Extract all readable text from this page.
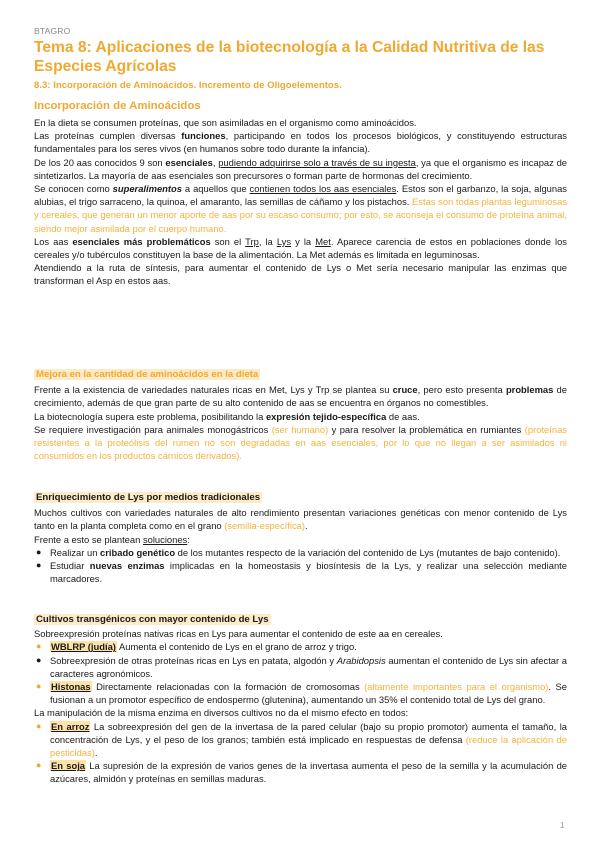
BTAGRO
Tema 8: Aplicaciones de la biotecnología a la Calidad Nutritiva de las Especies Agrícolas
8.3: Incorporación de Aminoácidos. Incremento de Oligoelementos.
Incorporación de Aminoácidos

En la dieta se consumen proteínas, que son asimiladas en el organismo como aminoácidos.

Las proteínas cumplen diversas funciones, participando en todos los procesos biológicos, y constituyendo estructuras fundamentales para los seres vivos (en humanos sobre todo durante la infancia).

De los 20 aas conocidos 9 son esenciales, pudiendo adquirirse solo a través de su ingesta, ya que el organismo es incapaz de sintetizarlos. La mayoría de aas esenciales son precursores o forman parte de hormonas del crecimiento.

Se conocen como superalimentos a aquellos que contienen todos los aas esenciales. Estos son el garbanzo, la soja, algunas alubias, el trigo sarraceno, la quinoa, el amaranto, las semillas de cáñamo y los pistachos. Estas son todas plantas leguminosas y cereales, que generan un menor aporte de aas por su escaso consumo; por esto, se aconseja el consumo de proteína animal, siendo mejor asimilada por el cuerpo humano.

Los aas esenciales más problemáticos son el Trp, la Lys y la Met. Aparece carencia de estos en poblaciones donde los cereales y/o tubérculos constituyen la base de la alimentación. La Met además es limitada en leguminosas.

Atendiendo a la ruta de síntesis, para aumentar el contenido de Lys o Met sería necesario manipular las enzimas que transforman el Asp en estos aas.

Mejora en la cantidad de aminoácidos en la dieta

Frente a la existencia de variedades naturales ricas en Met, Lys y Trp se plantea su cruce, pero esto presenta problemas de crecimiento, además de que gran parte de su alto contenido de aas se encuentra en órganos no comestibles.

La biotecnología supera este problema, posibilitando la expresión tejido-específica de aas.

Se requiere investigación para animales monogástricos (ser humano) y para resolver la problemática en rumiantes (proteínas resistentes a la proteólisis del rumen no son degradadas en aas esenciales, por lo que no llegan a ser asimilados ni consumidos en los productos cárnicos derivados).

Enriquecimiento de Lys por medios tradicionales

Muchos cultivos con variedades naturales de alto rendimiento presentan variaciones genéticas con menor contenido de Lys tanto en la planta completa como en el grano (semilla-específica).

Frente a esto se plantean soluciones:

● Realizar un cribado genético de los mutantes respecto de la variación del contenido de Lys (mutantes de bajo contenido).

● Estudiar nuevas enzimas implicadas en la homeostasis y biosíntesis de la Lys, y realizar una selección mediante marcadores.

Cultivos transgénicos con mayor contenido de Lys

Sobreexpresión proteínas nativas ricas en Lys para aumentar el contenido de este aa en cereales.

● WBLRP (judía) Aumenta el contenido de Lys en el grano de arroz y trigo.

● Sobreexpresión de otras proteínas ricas en Lys en patata, algodón y Arabidopsis aumentan el contenido de Lys sin afectar a caracteres agronómicos.

● Histonas Directamente relacionadas con la formación de cromosomas (altamente importantes para el organismo). Se fusionan a un promotor específico de endospermo (glutenina), aumentando un 35% el contenido total de Lys del grano.

La manipulación de la misma enzima en diversos cultivos no da el mismo efecto en todos:

● En arroz La sobreexpresión del gen de la invertasa de la pared celular (bajo su propio promotor) aumenta el tamaño, la concentración de Lys, y el peso de los granos; también está implicado en respuestas de defensa (reduce la aplicación de pesticidas).

● En soja La supresión de la expresión de varios genes de la invertasa aumenta el peso de la semilla y la acumulación de azúcares, almidón y proteínas en semillas maduras.

1
